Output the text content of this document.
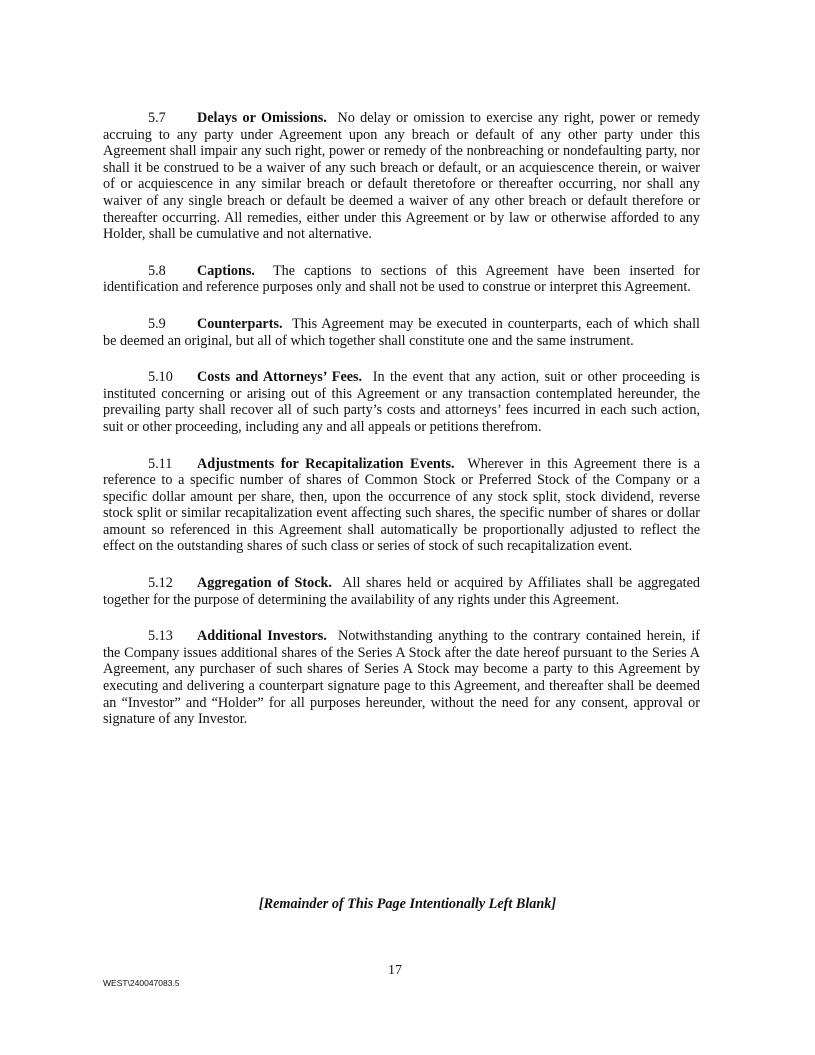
5.7 Delays or Omissions. No delay or omission to exercise any right, power or remedy accruing to any party under Agreement upon any breach or default of any other party under this Agreement shall impair any such right, power or remedy of the nonbreaching or nondefaulting party, nor shall it be construed to be a waiver of any such breach or default, or an acquiescence therein, or waiver of or acquiescence in any similar breach or default theretofore or thereafter occurring, nor shall any waiver of any single breach or default be deemed a waiver of any other breach or default therefore or thereafter occurring. All remedies, either under this Agreement or by law or otherwise afforded to any Holder, shall be cumulative and not alternative.

5.8 Captions. The captions to sections of this Agreement have been inserted for identification and reference purposes only and shall not be used to construe or interpret this Agreement.

5.9 Counterparts. This Agreement may be executed in counterparts, each of which shall be deemed an original, but all of which together shall constitute one and the same instrument.

5.10 Costs and Attorneys’ Fees. In the event that any action, suit or other proceeding is instituted concerning or arising out of this Agreement or any transaction contemplated hereunder, the prevailing party shall recover all of such party’s costs and attorneys’ fees incurred in each such action, suit or other proceeding, including any and all appeals or petitions therefrom.

5.11 Adjustments for Recapitalization Events. Wherever in this Agreement there is a reference to a specific number of shares of Common Stock or Preferred Stock of the Company or a specific dollar amount per share, then, upon the occurrence of any stock split, stock dividend, reverse stock split or similar recapitalization event affecting such shares, the specific number of shares or dollar amount so referenced in this Agreement shall automatically be proportionally adjusted to reflect the effect on the outstanding shares of such class or series of stock of such recapitalization event.

5.12 Aggregation of Stock. All shares held or acquired by Affiliates shall be aggregated together for the purpose of determining the availability of any rights under this Agreement.

5.13 Additional Investors. Notwithstanding anything to the contrary contained herein, if the Company issues additional shares of the Series A Stock after the date hereof pursuant to the Series A Agreement, any purchaser of such shares of Series A Stock may become a party to this Agreement by executing and delivering a counterpart signature page to this Agreement, and thereafter shall be deemed an “Investor” and “Holder” for all purposes hereunder, without the need for any consent, approval or signature of any Investor.

[Remainder of This Page Intentionally Left Blank]
17
WEST\240047083.5
